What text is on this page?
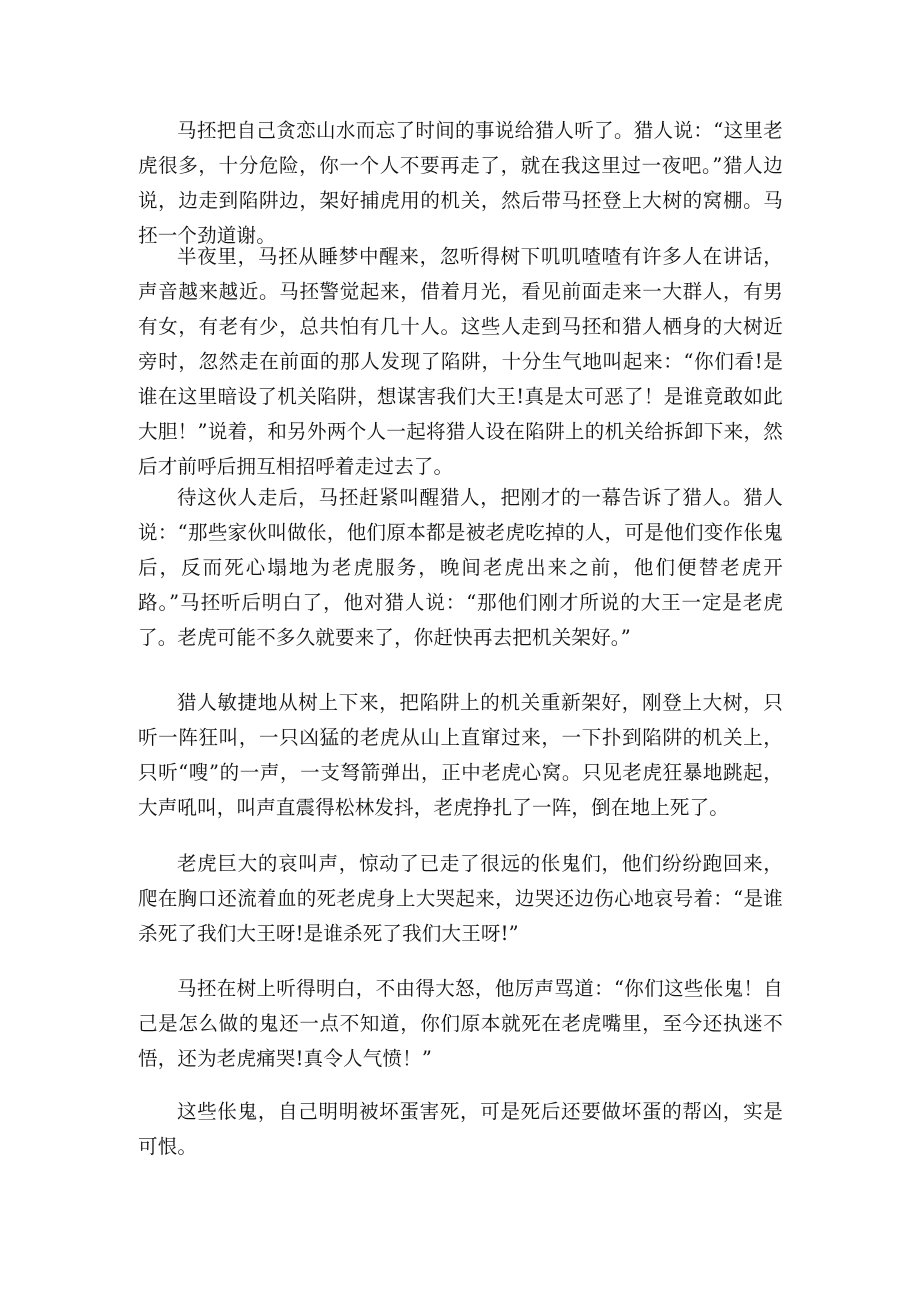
马抷把自己贪恋山水而忘了时间的事说给猎人听了。猎人说：“这里老虎很多，十分危险，你一个人不要再走了，就在我这里过一夜吧。”猎人边说，边走到陷阱边，架好捕虎用的机关，然后带马抷登上大树的窝棚。马抷一个劲道谢。

半夜里，马抷从睡梦中醒来，忽听得树下叽叽喳喳有许多人在讲话，声音越来越近。马抷警觉起来，借着月光，看见前面走来一大群人，有男有女，有老有少，总共怕有几十人。这些人走到马抷和猎人栖身的大树近旁时，忽然走在前面的那人发现了陷阱，十分生气地叫起来：“你们看!是谁在这里暗设了机关陷阱，想谋害我们大王!真是太可恶了！是谁竟敢如此大胆！”说着，和另外两个人一起将猎人设在陷阱上的机关给拆卸下来，然后才前呼后拥互相招呼着走过去了。

待这伙人走后，马抷赶紧叫醒猎人，把刚才的一幕告诉了猎人。猎人说：“那些家伙叫做伥，他们原本都是被老虎吃掉的人，可是他们变作伥鬼后，反而死心塌地为老虎服务，晚间老虎出来之前，他们便替老虎开路。”马抷听后明白了，他对猎人说：“那他们刚才所说的大王一定是老虎了。老虎可能不多久就要来了，你赶快再去把机关架好。”

猎人敏捷地从树上下来，把陷阱上的机关重新架好，刚登上大树，只听一阵狂叫，一只凶猛的老虎从山上直窜过来，一下扑到陷阱的机关上，只听“嗖”的一声，一支弩箭弹出，正中老虎心窝。只见老虎狂暴地跳起，大声吼叫，叫声直震得松林发抖，老虎挣扎了一阵，倒在地上死了。

老虎巨大的哀叫声，惊动了已走了很远的伥鬼们，他们纷纷跑回来，爬在胸口还流着血的死老虎身上大哭起来，边哭还边伤心地哀号着：“是谁杀死了我们大王呀!是谁杀死了我们大王呀!”

马抷在树上听得明白，不由得大怒，他厉声骂道：“你们这些伥鬼！自己是怎么做的鬼还一点不知道，你们原本就死在老虎嘴里，至今还执迷不悟，还为老虎痛哭!真令人气愤！”

这些伥鬼，自己明明被坏蛋害死，可是死后还要做坏蛋的帮凶，实是可恨。
